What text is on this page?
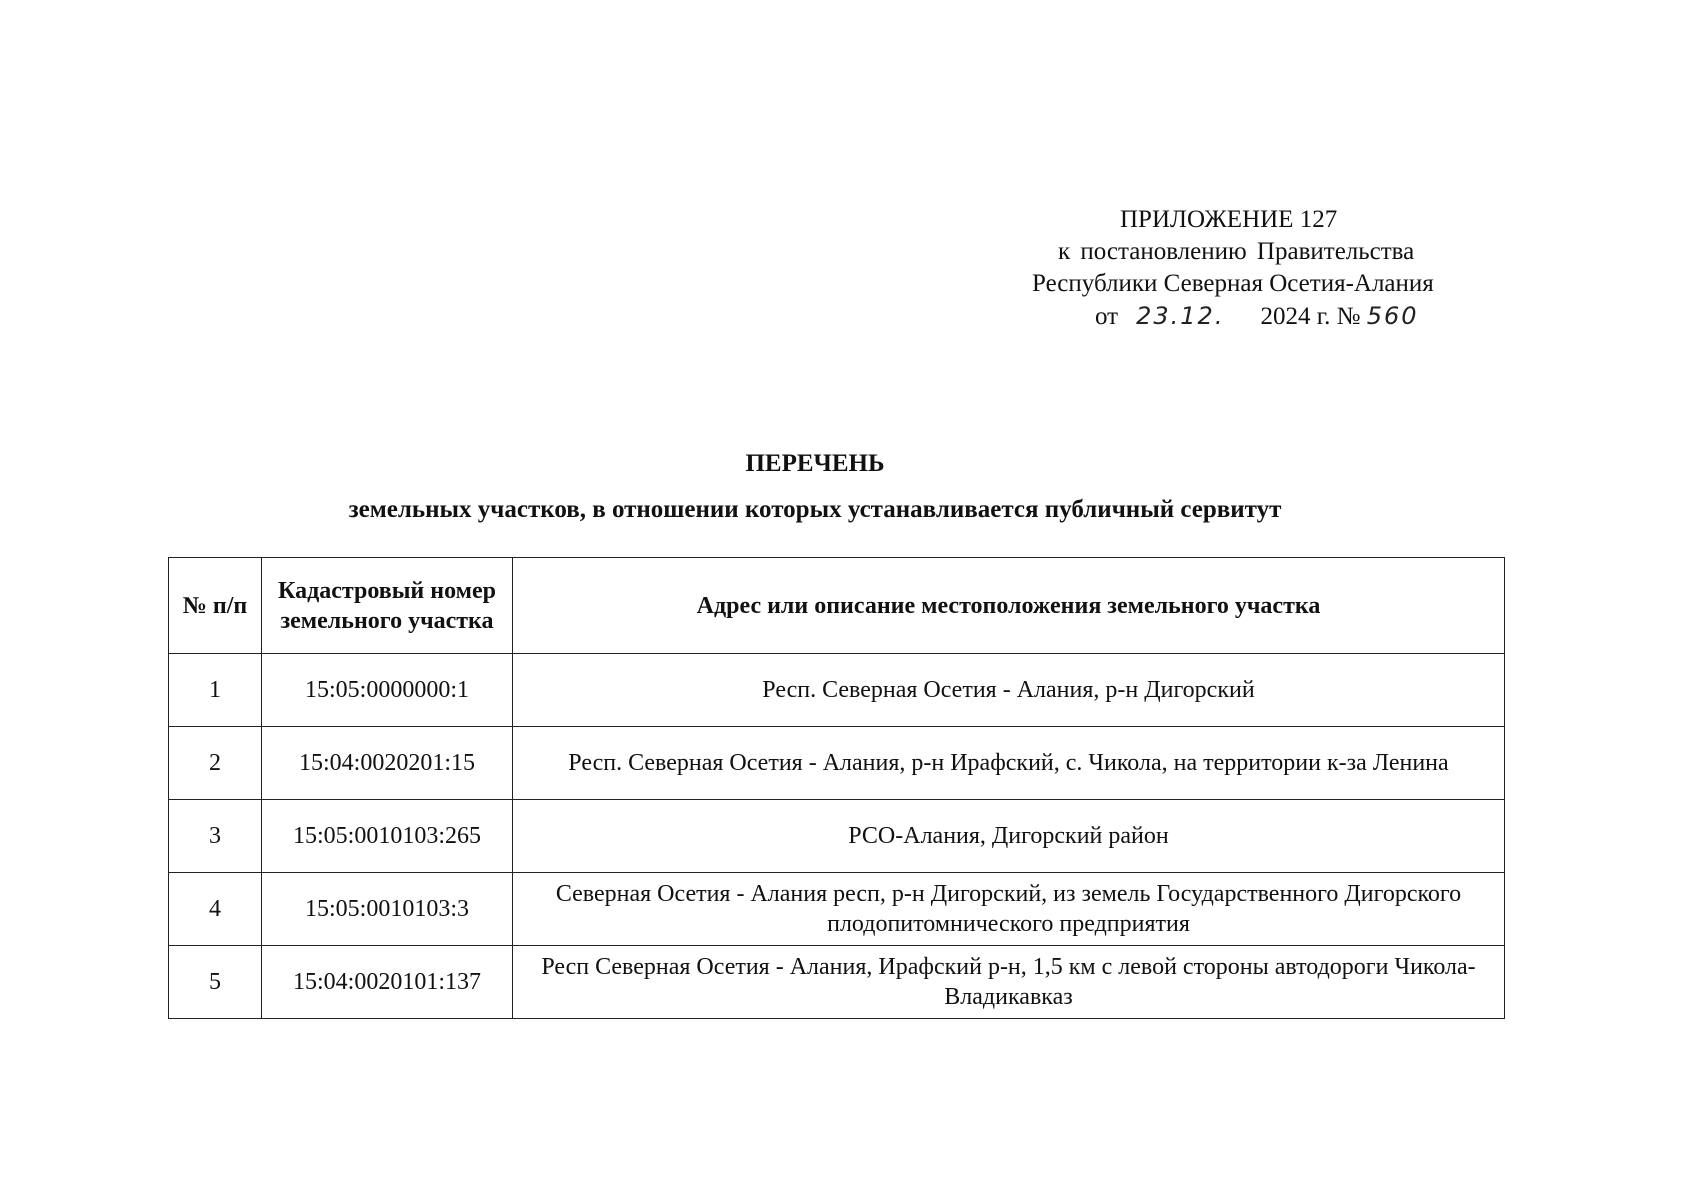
ПРИЛОЖЕНИЕ 127
к постановлению Правительства
Республики Северная Осетия-Алания
от 23.12. 2024 г. № 560
ПЕРЕЧЕНЬ
земельных участков, в отношении которых устанавливается публичный сервитут
№ п/п	Кадастровый номер земельного участка	Адрес или описание местоположения земельного участка
1	15:05:0000000:1	Респ. Северная Осетия - Алания, р-н Дигорский
2	15:04:0020201:15	Респ. Северная Осетия - Алания, р-н Ирафский, с. Чикола, на территории к-за Ленина
3	15:05:0010103:265	РСО-Алания, Дигорский район
4	15:05:0010103:3	Северная Осетия - Алания респ, р-н Дигорский, из земель Государственного Дигорского плодопитомнического предприятия
5	15:04:0020101:137	Респ Северная Осетия - Алания, Ирафский р-н, 1,5 км с левой стороны автодороги Чикола-Владикавказ
